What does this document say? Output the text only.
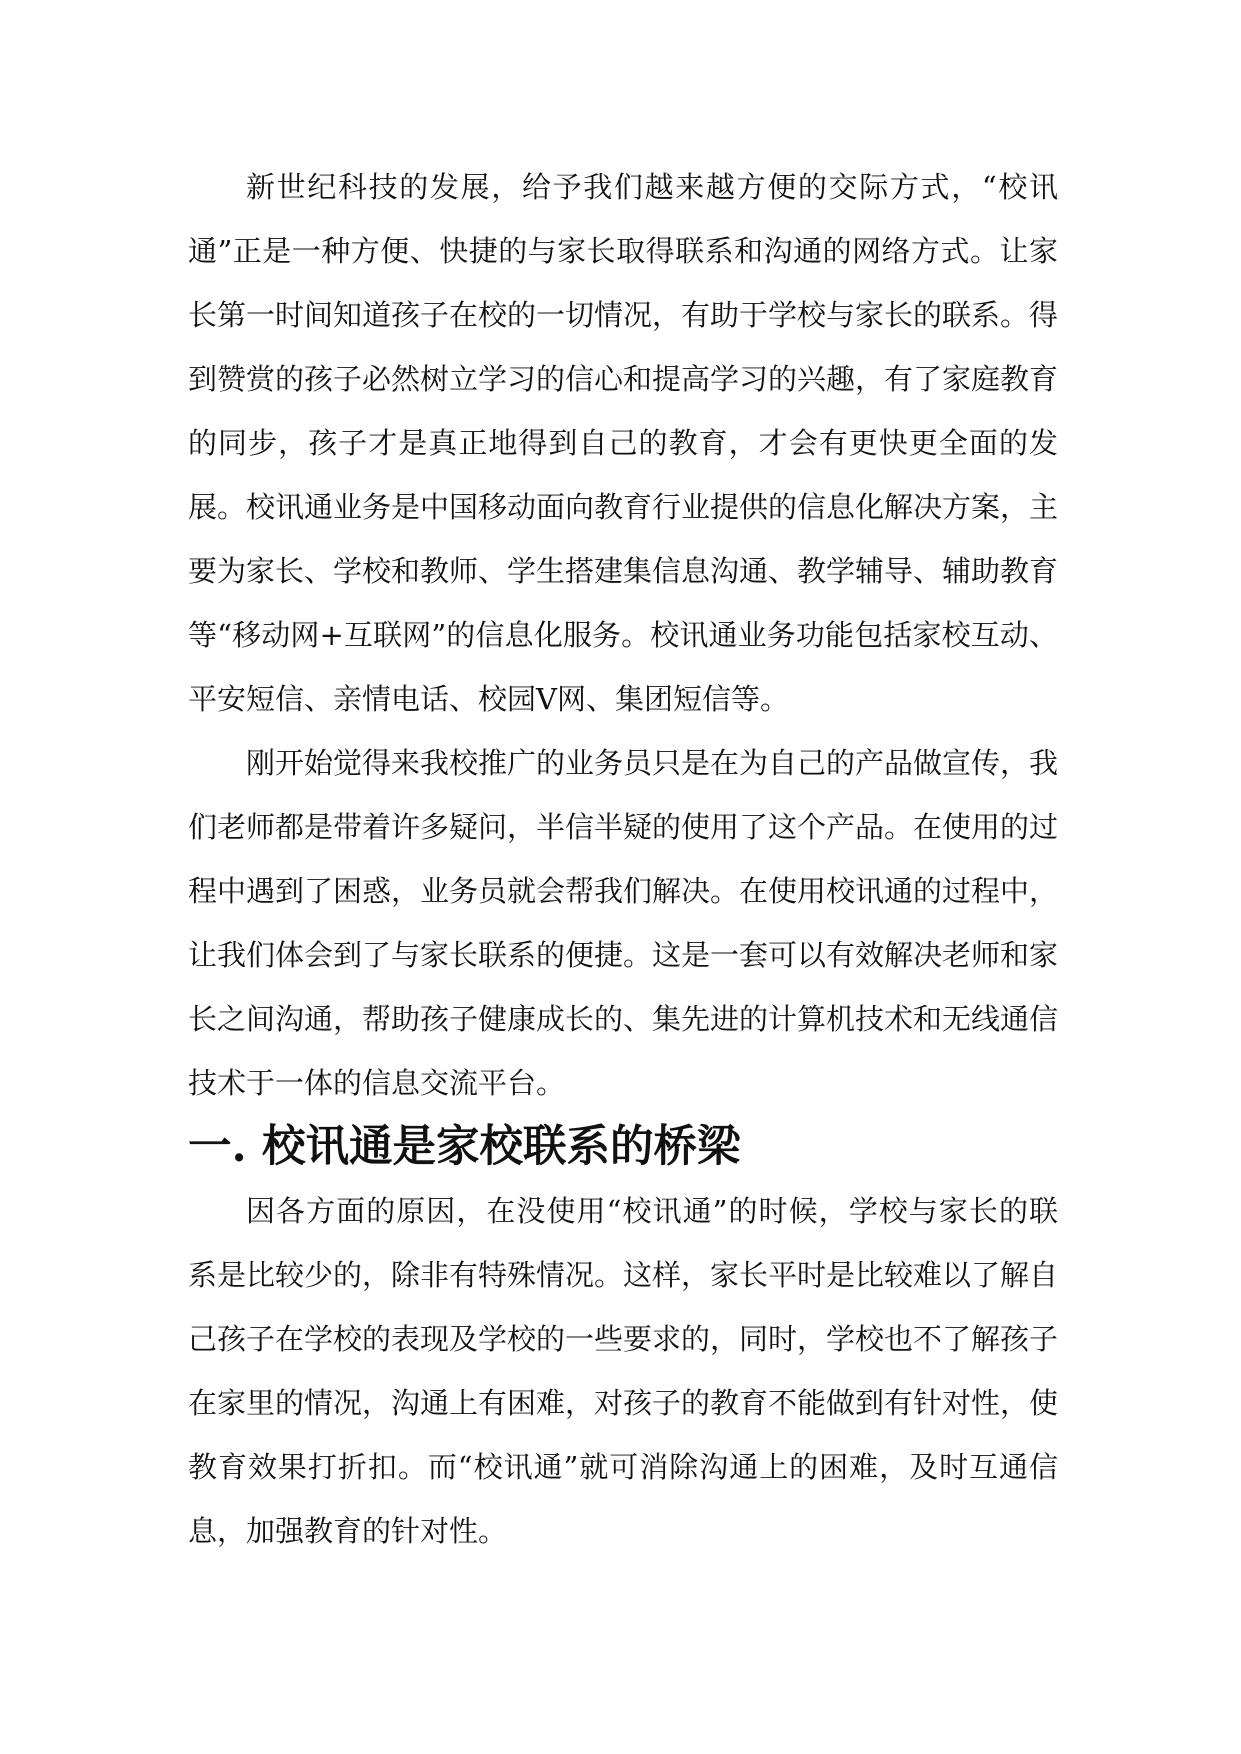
新世纪科技的发展，给予我们越来越方便的交际方式，“校讯通”正是一种方便、快捷的与家长取得联系和沟通的网络方式。让家长第一时间知道孩子在校的一切情况，有助于学校与家长的联系。得到赞赏的孩子必然树立学习的信心和提高学习的兴趣，有了家庭教育的同步，孩子才是真正地得到自己的教育，才会有更快更全面的发展。校讯通业务是中国移动面向教育行业提供的信息化解决方案，主要为家长、学校和教师、学生搭建集信息沟通、教学辅导、辅助教育等“移动网+互联网”的信息化服务。校讯通业务功能包括家校互动、平安短信、亲情电话、校园V网、集团短信等。

刚开始觉得来我校推广的业务员只是在为自己的产品做宣传，我们老师都是带着许多疑问，半信半疑的使用了这个产品。在使用的过程中遇到了困惑，业务员就会帮我们解决。在使用校讯通的过程中，让我们体会到了与家长联系的便捷。这是一套可以有效解决老师和家长之间沟通，帮助孩子健康成长的、集先进的计算机技术和无线通信技术于一体的信息交流平台。

一. 校讯通是家校联系的桥梁

因各方面的原因，在没使用“校讯通”的时候，学校与家长的联系是比较少的，除非有特殊情况。这样，家长平时是比较难以了解自己孩子在学校的表现及学校的一些要求的，同时，学校也不了解孩子在家里的情况，沟通上有困难，对孩子的教育不能做到有针对性，使教育效果打折扣。而“校讯通”就可消除沟通上的困难，及时互通信息，加强教育的针对性。
